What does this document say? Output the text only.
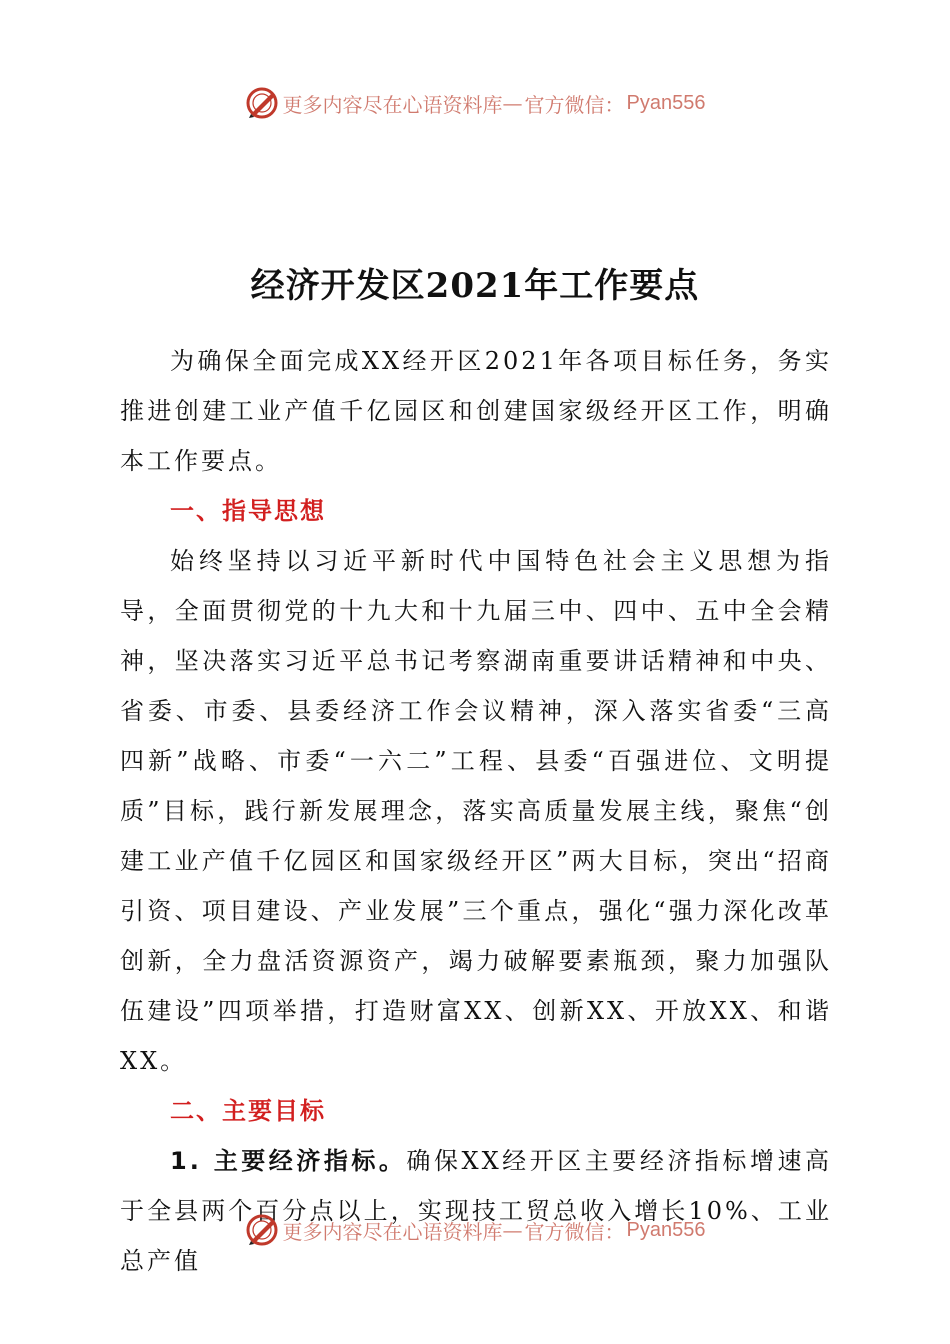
更多内容尽在心语资料库 — 官方微信： Pyan556
经济开发区2021年工作要点

为确保全面完成XX经开区2021年各项目标任务，务实推进创建工业产值千亿园区和创建国家级经开区工作，明确本工作要点。

一、指导思想

始终坚持以习近平新时代中国特色社会主义思想为指导，全面贯彻党的十九大和十九届三中、四中、五中全会精神，坚决落实习近平总书记考察湖南重要讲话精神和中央、省委、市委、县委经济工作会议精神，深入落实省委“三高四新”战略、市委“一六二”工程、县委“百强进位、文明提质”目标，践行新发展理念，落实高质量发展主线，聚焦“创建工业产值千亿园区和国家级经开区”两大目标，突出“招商引资、项目建设、产业发展”三个重点，强化“强力深化改革创新，全力盘活资源资产，竭力破解要素瓶颈，聚力加强队伍建设”四项举措，打造财富XX、创新XX、开放XX、和谐XX。

二、主要目标

1. 主要经济指标。确保XX经开区主要经济指标增速高于全县两个百分点以上，实现技工贸总收入增长10%、工业总产值

更多内容尽在心语资料库 — 官方微信： Pyan556
